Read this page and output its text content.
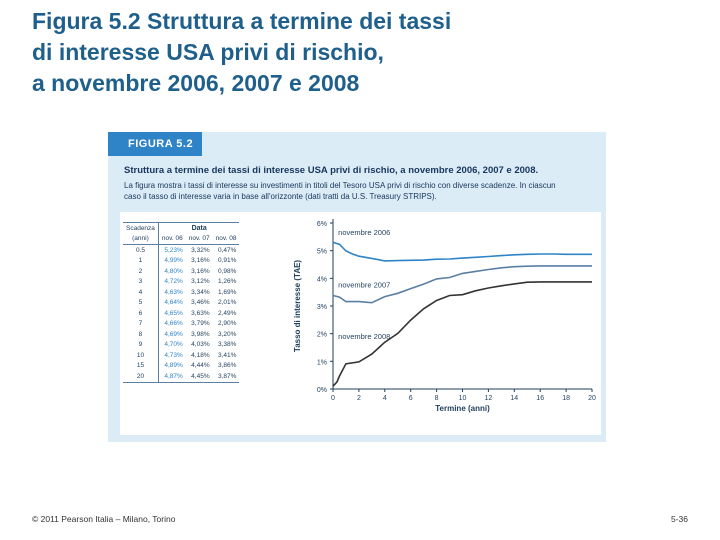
Figura 5.2 Struttura a termine dei tassi
di interesse USA privi di rischio,
a novembre 2006, 2007 e 2008
FIGURA 5.2
Struttura a termine dei tassi di interesse USA privi di rischio, a novembre 2006, 2007 e 2008.
La figura mostra i tassi di interesse su investimenti in titoli del Tesoro USA privi di rischio con diverse scadenze. In ciascun
caso il tasso di interesse varia in base all'orizzonte (dati tratti da U.S. Treasury STRIPS).
Scadenza	Data		
(anni)	nov. 06	nov. 07	nov. 08
0.5	5,23%	3,32%	0,47%
1	4,99%	3,16%	0,91%
2	4,80%	3,16%	0,98%
3	4,72%	3,12%	1,26%
4	4,63%	3,34%	1,69%
5	4,64%	3,46%	2,01%
6	4,65%	3,63%	2,49%
7	4,66%	3,79%	2,90%
8	4,69%	3,98%	3,20%
9	4,70%	4,03%	3,38%
10	4,73%	4,18%	3,41%
15	4,89%	4,44%	3,86%
20	4,87%	4,45%	3,87%
0%
1%
2%
3%
4%
5%
6%
0	2	4	6	8	10	12	14	16	18	20
Termine (anni)
Tasso di interesse (TAE)
novembre 2006
novembre 2007
novembre 2008
© 2011 Pearson Italia – Milano, Torino	5-36
